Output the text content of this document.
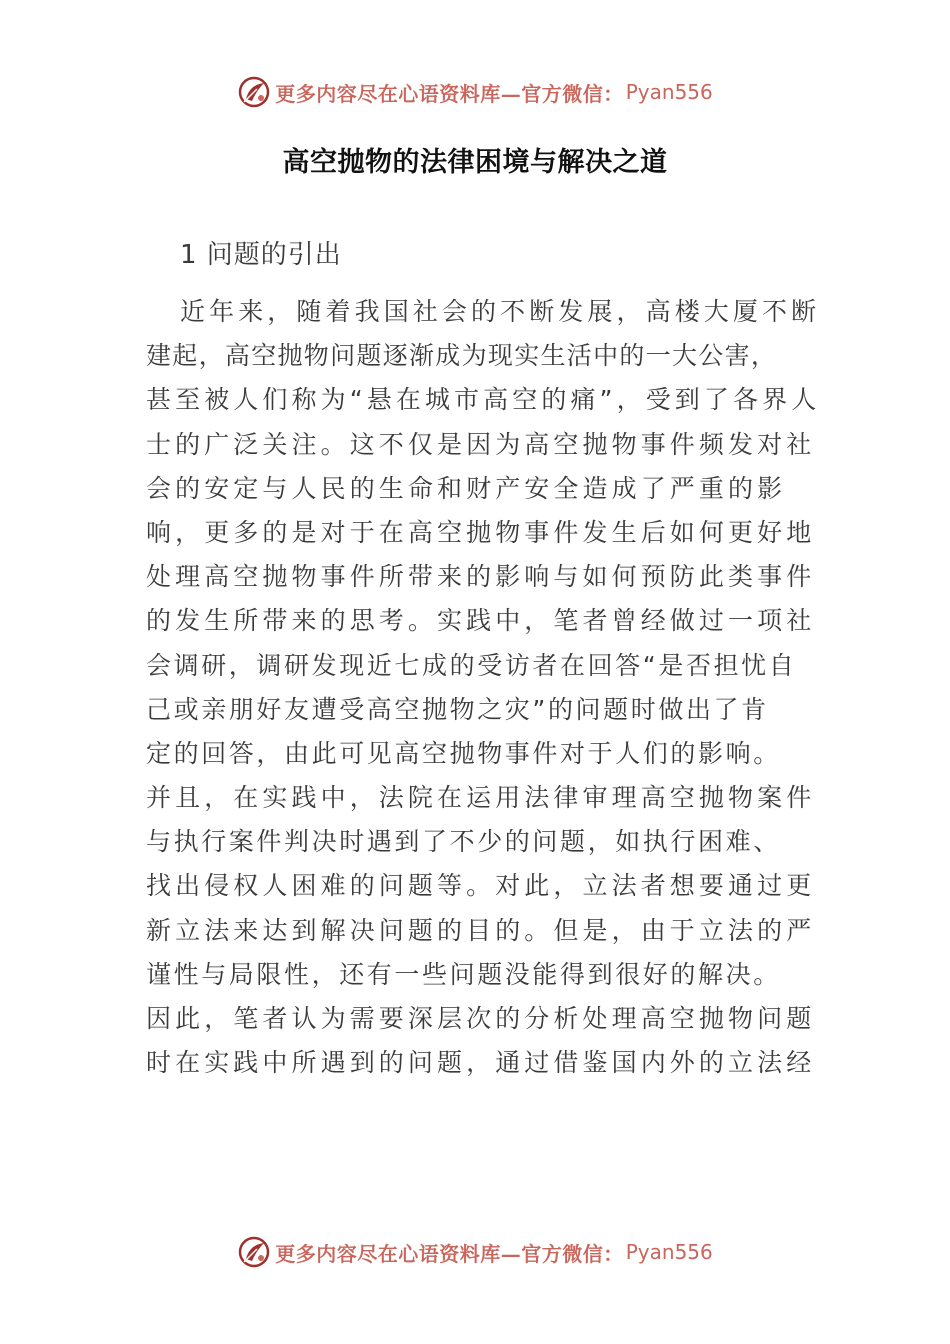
更多内容尽在心语资料库—官方微信： Pyan556
高空抛物的法律困境与解决之道
1 问题的引出
近年来，随着我国社会的不断发展，高楼大厦不断
建起，高空抛物问题逐渐成为现实生活中的一大公害，
甚至被人们称为“悬在城市高空的痛”，受到了各界人
士的广泛关注。这不仅是因为高空抛物事件频发对社
会的安定与人民的生命和财产安全造成了严重的影
响，更多的是对于在高空抛物事件发生后如何更好地
处理高空抛物事件所带来的影响与如何预防此类事件
的发生所带来的思考。实践中，笔者曾经做过一项社
会调研，调研发现近七成的受访者在回答“是否担忧自
己或亲朋好友遭受高空抛物之灾”的问题时做出了肯
定的回答，由此可见高空抛物事件对于人们的影响。
并且，在实践中，法院在运用法律审理高空抛物案件
与执行案件判决时遇到了不少的问题，如执行困难、
找出侵权人困难的问题等。对此，立法者想要通过更
新立法来达到解决问题的目的。但是，由于立法的严
谨性与局限性，还有一些问题没能得到很好的解决。
因此，笔者认为需要深层次的分析处理高空抛物问题
时在实践中所遇到的问题，通过借鉴国内外的立法经
更多内容尽在心语资料库—官方微信： Pyan556
